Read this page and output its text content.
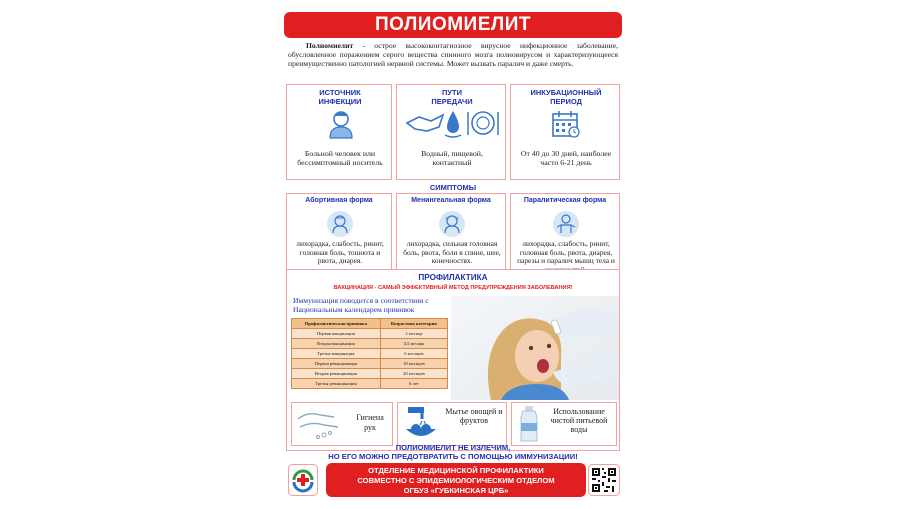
ПОЛИОМИЕЛИТ

Полиомиелит - острое высококонтагиозное вирусное инфекционное заболевание, обусловленное поражением серого вещества спинного мозга полиовирусом и характеризующееся преимущественно патологией нервной системы. Может вызвать паралич и даже смерть.

ИСТОЧНИК ИНФЕКЦИИ
Больной человек или бессимптомный носитель
ПУТИ ПЕРЕДАЧИ
Водный, пищевой, контактный
ИНКУБАЦИОННЫЙ ПЕРИОД
От 40 до 30 дней, наиболее часто 6-21 день
СИМПТОМЫ
Абортивная форма
лихорадка, слабость, ринит, головная боль, тошнота и рвота, диарея.
Менингеальная форма
лихорадка, сильная головная боль, рвота, боли в спине, шее, конечностях.
Паралитическая форма
лихорадка, слабость, ринит, головная боль, рвота, диарея, парезы и паралич мышц тела и
ПРОФИЛАКТИКА
ВАКЦИНАЦИЯ - САМЫЙ ЭФФЕКТИВНЫЙ МЕТОД ПРЕДУПРЕЖДЕНИЯ ЗАБОЛЕВАНИЯ!
Иммунизация поводится в соответствии с Национальным календарем прививок
Профилактическая прививка	Возрастная категория
Первая вакцинация	3 месяца
Вторая вакцинация	4,5 месяца
Третья вакцинация	6 месяцев
Первая ревакцинация	18 месяцев
Вторая ревакцинация	20 месяцев
Третья ревакцинация	6 лет
Гигиена рук
Мытье овощей и фруктов
Использование чистой питьевой воды
ПОЛИОМИЕЛИТ НЕ ИЗЛЕЧИМ,
НО ЕГО МОЖНО ПРЕДОТВРАТИТЬ С ПОМОЩЬЮ ИММУНИЗАЦИИ!
ОТДЕЛЕНИЕ МЕДИЦИНСКОЙ ПРОФИЛАКТИКИ
СОВМЕСТНО С ЭПИДЕМИОЛОГИЧЕСКИМ ОТДЕЛОМ
ОГБУЗ «ГУБКИНСКАЯ ЦРБ»
